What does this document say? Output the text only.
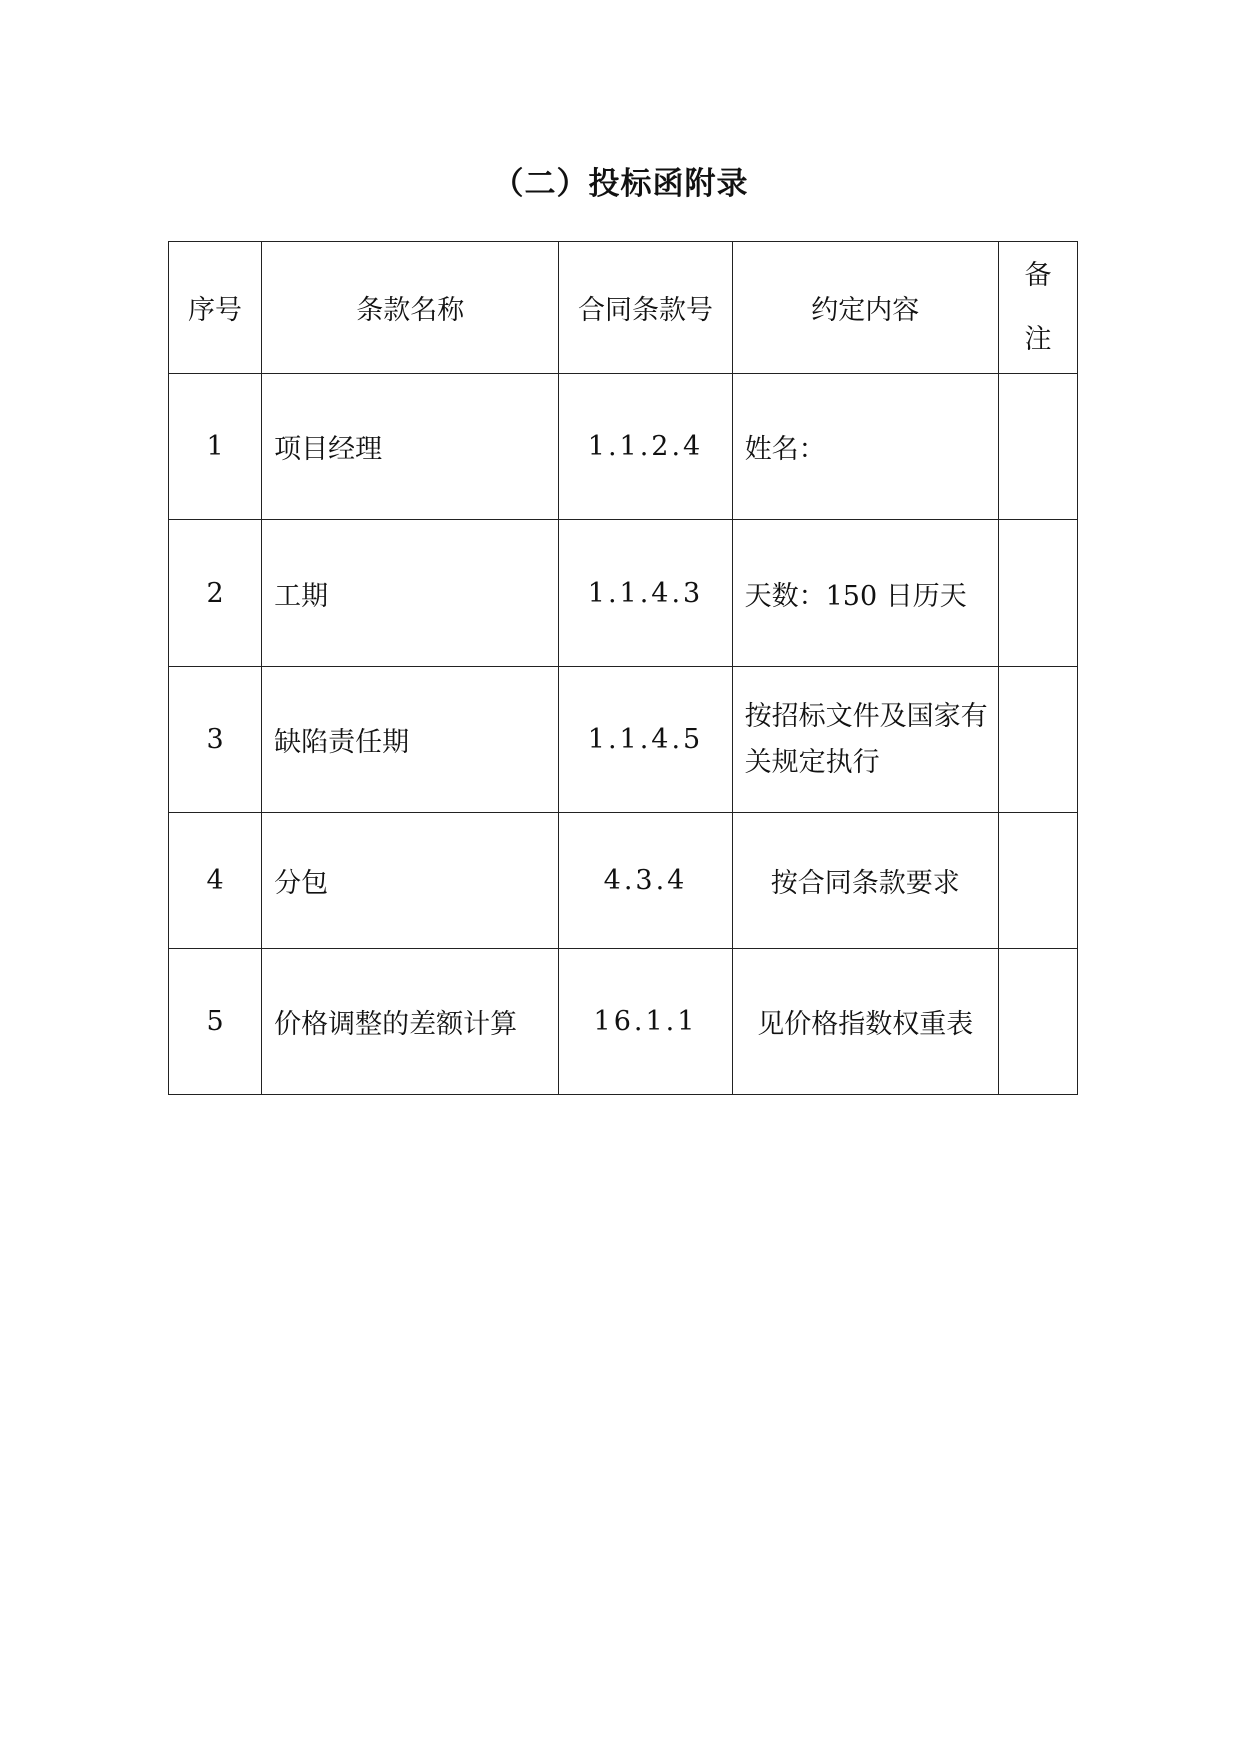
（二）投标函附录
序号	条款名称	合同条款号	约定内容	备
注

1	项目经理	1.1.2.4	姓名：	
2	工期	1.1.4.3	天数：150 日历天	
3	缺陷责任期	1.1.4.5	按招标文件及国家有关规定执行	
4	分包	4.3.4	按合同条款要求	
5	价格调整的差额计算	16.1.1	见价格指数权重表	
